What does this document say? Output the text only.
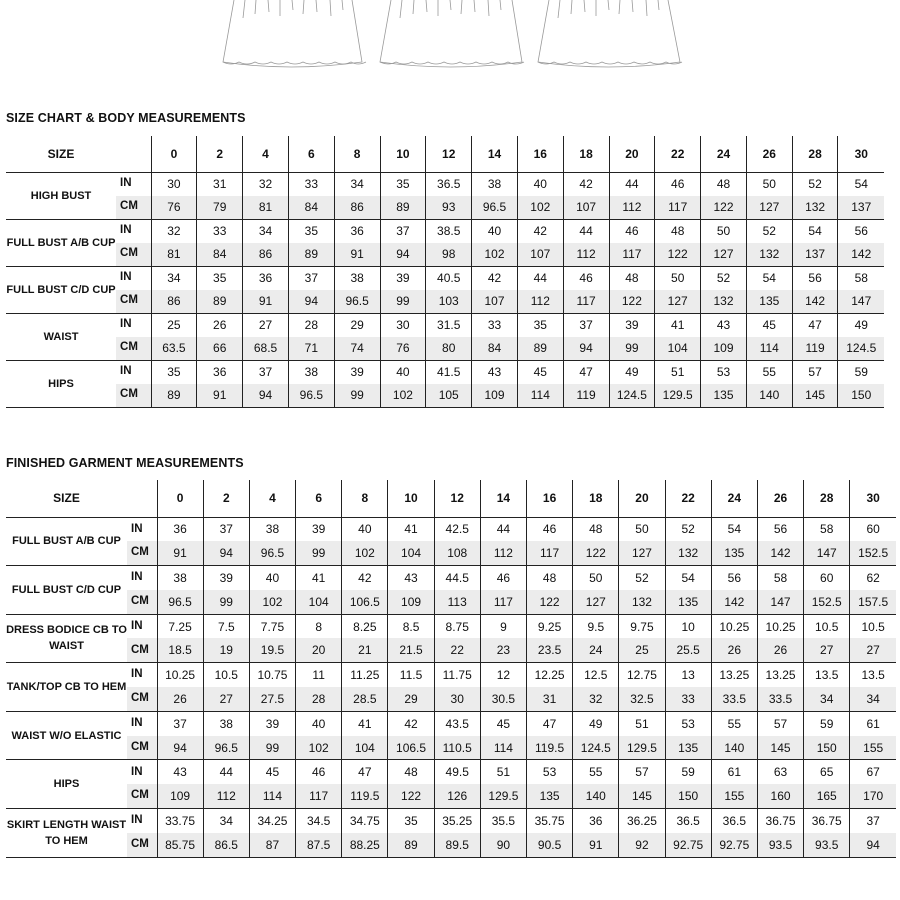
SIZE CHART & BODY MEASUREMENTS
SIZE		0	2	4	6	8	10	12	14	16	18	20	22	24	26	28	30
HIGH BUST	IN	30	31	32	33	34	35	36.5	38	40	42	44	46	48	50	52	54
	CM	76	79	81	84	86	89	93	96.5	102	107	112	117	122	127	132	137
FULL BUST A/B CUP	IN	32	33	34	35	36	37	38.5	40	42	44	46	48	50	52	54	56
	CM	81	84	86	89	91	94	98	102	107	112	117	122	127	132	137	142
FULL BUST C/D CUP	IN	34	35	36	37	38	39	40.5	42	44	46	48	50	52	54	56	58
	CM	86	89	91	94	96.5	99	103	107	112	117	122	127	132	135	142	147
WAIST	IN	25	26	27	28	29	30	31.5	33	35	37	39	41	43	45	47	49
	CM	63.5	66	68.5	71	74	76	80	84	89	94	99	104	109	114	119	124.5
HIPS	IN	35	36	37	38	39	40	41.5	43	45	47	49	51	53	55	57	59
	CM	89	91	94	96.5	99	102	105	109	114	119	124.5	129.5	135	140	145	150
FINISHED GARMENT MEASUREMENTS
SIZE		0	2	4	6	8	10	12	14	16	18	20	22	24	26	28	30
FULL BUST A/B CUP	IN	36	37	38	39	40	41	42.5	44	46	48	50	52	54	56	58	60
	CM	91	94	96.5	99	102	104	108	112	117	122	127	132	135	142	147	152.5
FULL BUST C/D CUP	IN	38	39	40	41	42	43	44.5	46	48	50	52	54	56	58	60	62
	CM	96.5	99	102	104	106.5	109	113	117	122	127	132	135	142	147	152.5	157.5
DRESS BODICE CB TO WAIST	IN	7.25	7.5	7.75	8	8.25	8.5	8.75	9	9.25	9.5	9.75	10	10.25	10.25	10.5	10.5
	CM	18.5	19	19.5	20	21	21.5	22	23	23.5	24	25	25.5	26	26	27	27
TANK/TOP CB TO HEM	IN	10.25	10.5	10.75	11	11.25	11.5	11.75	12	12.25	12.5	12.75	13	13.25	13.25	13.5	13.5
	CM	26	27	27.5	28	28.5	29	30	30.5	31	32	32.5	33	33.5	33.5	34	34
WAIST W/O ELASTIC	IN	37	38	39	40	41	42	43.5	45	47	49	51	53	55	57	59	61
	CM	94	96.5	99	102	104	106.5	110.5	114	119.5	124.5	129.5	135	140	145	150	155
HIPS	IN	43	44	45	46	47	48	49.5	51	53	55	57	59	61	63	65	67
	CM	109	112	114	117	119.5	122	126	129.5	135	140	145	150	155	160	165	170
SKIRT LENGTH WAIST TO HEM	IN	33.75	34	34.25	34.5	34.75	35	35.25	35.5	35.75	36	36.25	36.5	36.5	36.75	36.75	37
	CM	85.75	86.5	87	87.5	88.25	89	89.5	90	90.5	91	92	92.75	92.75	93.5	93.5	94
